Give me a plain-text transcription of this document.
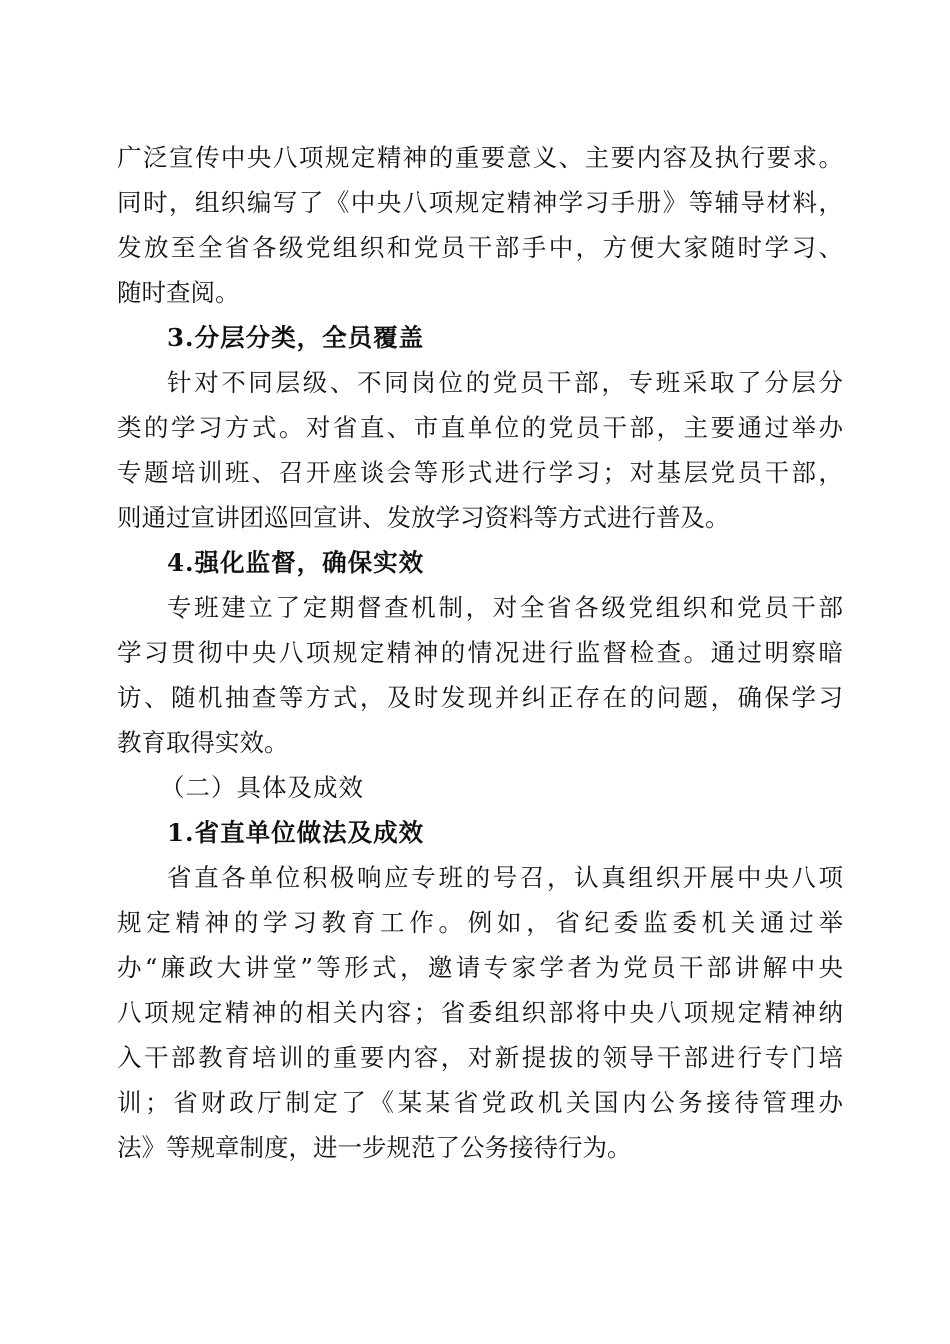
广泛宣传中央八项规定精神的重要意义、主要内容及执行要求。
同时，组织编写了《中央八项规定精神学习手册》等辅导材料，
发放至全省各级党组织和党员干部手中，方便大家随时学习、
随时查阅。
3.分层分类，全员覆盖
针对不同层级、不同岗位的党员干部，专班采取了分层分
类的学习方式。对省直、市直单位的党员干部，主要通过举办
专题培训班、召开座谈会等形式进行学习；对基层党员干部，
则通过宣讲团巡回宣讲、发放学习资料等方式进行普及。
4.强化监督，确保实效
专班建立了定期督查机制，对全省各级党组织和党员干部
学习贯彻中央八项规定精神的情况进行监督检查。通过明察暗
访、随机抽查等方式，及时发现并纠正存在的问题，确保学习
教育取得实效。
（二）具体及成效
1.省直单位做法及成效
省直各单位积极响应专班的号召，认真组织开展中央八项
规定精神的学习教育工作。例如，省纪委监委机关通过举
办“廉政大讲堂”等形式，邀请专家学者为党员干部讲解中央
八项规定精神的相关内容；省委组织部将中央八项规定精神纳
入干部教育培训的重要内容，对新提拔的领导干部进行专门培
训；省财政厅制定了《某某省党政机关国内公务接待管理办
法》等规章制度，进一步规范了公务接待行为。
